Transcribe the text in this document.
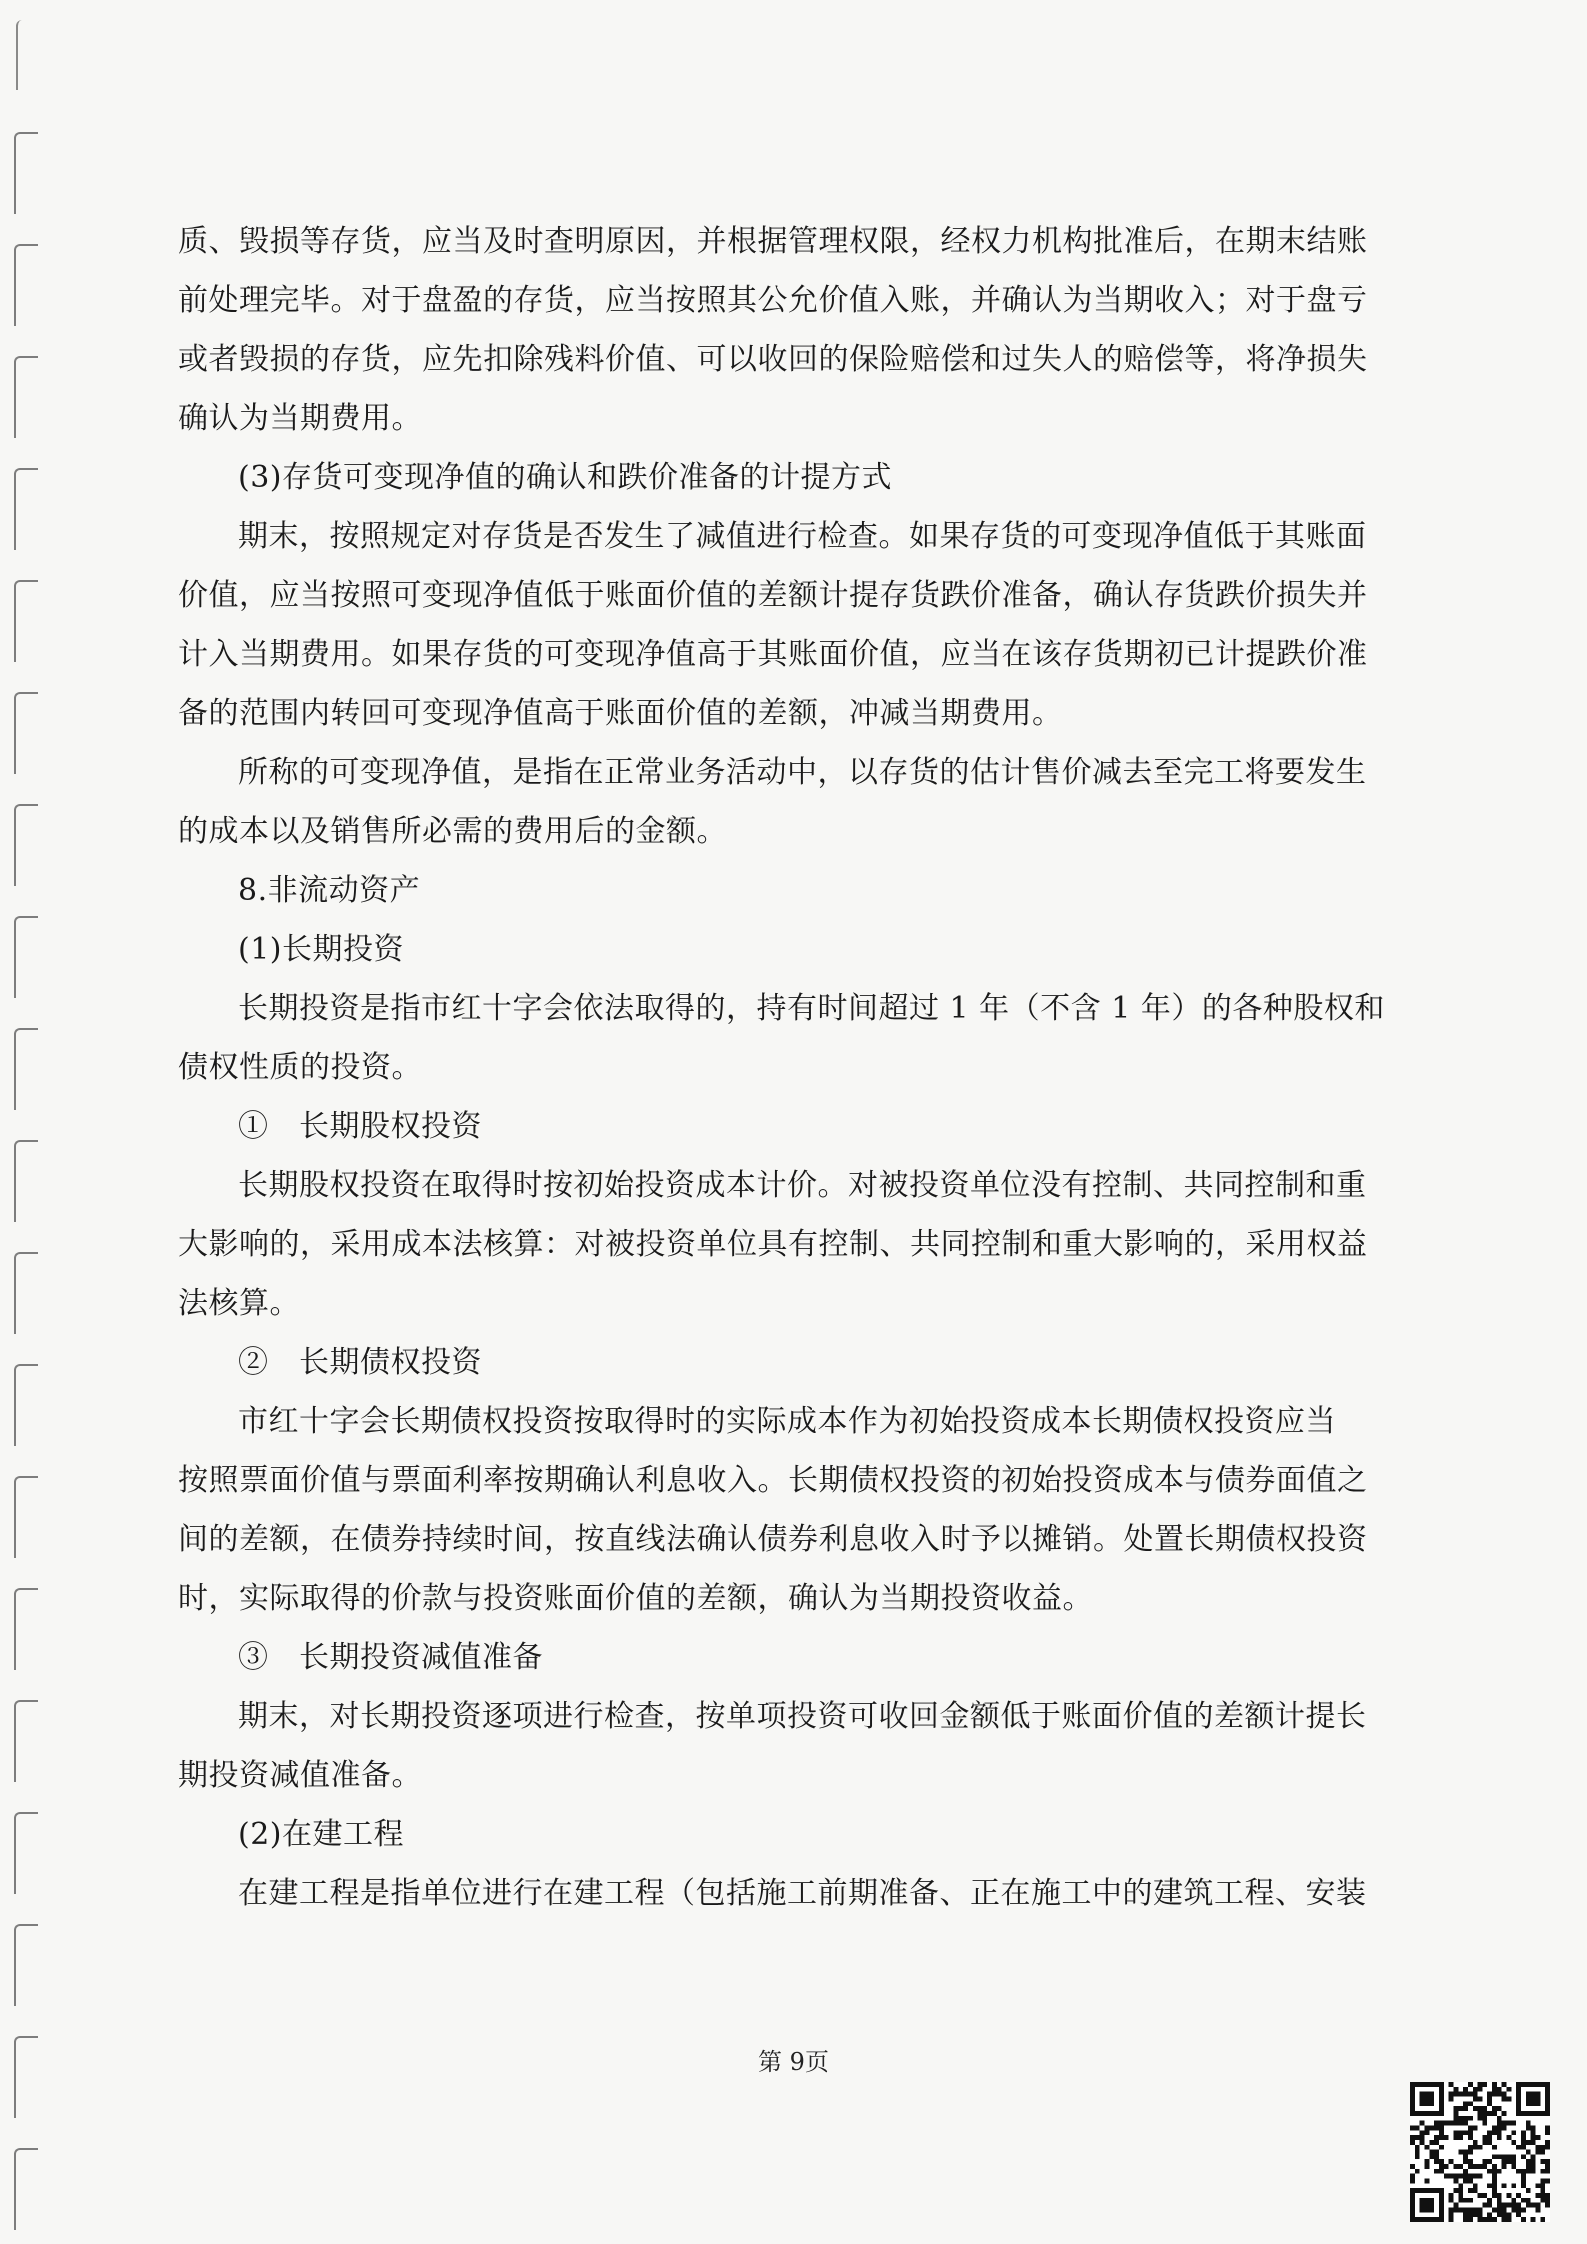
质、毁损等存货，应当及时查明原因，并根据管理权限，经权力机构批准后，在期末结账

前处理完毕。对于盘盈的存货，应当按照其公允价值入账，并确认为当期收入；对于盘亏

或者毁损的存货，应先扣除残料价值、可以收回的保险赔偿和过失人的赔偿等，将净损失

确认为当期费用。

(3)存货可变现净值的确认和跌价准备的计提方式

期末，按照规定对存货是否发生了减值进行检查。如果存货的可变现净值低于其账面

价值，应当按照可变现净值低于账面价值的差额计提存货跌价准备，确认存货跌价损失并

计入当期费用。如果存货的可变现净值高于其账面价值，应当在该存货期初已计提跌价准

备的范围内转回可变现净值高于账面价值的差额，冲减当期费用。

所称的可变现净值，是指在正常业务活动中，以存货的估计售价减去至完工将要发生

的成本以及销售所必需的费用后的金额。

8.非流动资产

(1)长期投资

长期投资是指市红十字会依法取得的，持有时间超过 1 年（不含 1 年）的各种股权和

债权性质的投资。

①　长期股权投资

长期股权投资在取得时按初始投资成本计价。对被投资单位没有控制、共同控制和重

大影响的，采用成本法核算：对被投资单位具有控制、共同控制和重大影响的，采用权益

法核算。

②　长期债权投资

市红十字会长期债权投资按取得时的实际成本作为初始投资成本长期债权投资应当

按照票面价值与票面利率按期确认利息收入。长期债权投资的初始投资成本与债券面值之

间的差额，在债券持续时间，按直线法确认债券利息收入时予以摊销。处置长期债权投资

时，实际取得的价款与投资账面价值的差额，确认为当期投资收益。

③　长期投资减值准备

期末，对长期投资逐项进行检查，按单项投资可收回金额低于账面价值的差额计提长

期投资减值准备。

(2)在建工程

在建工程是指单位进行在建工程（包括施工前期准备、正在施工中的建筑工程、安装

第 9页
